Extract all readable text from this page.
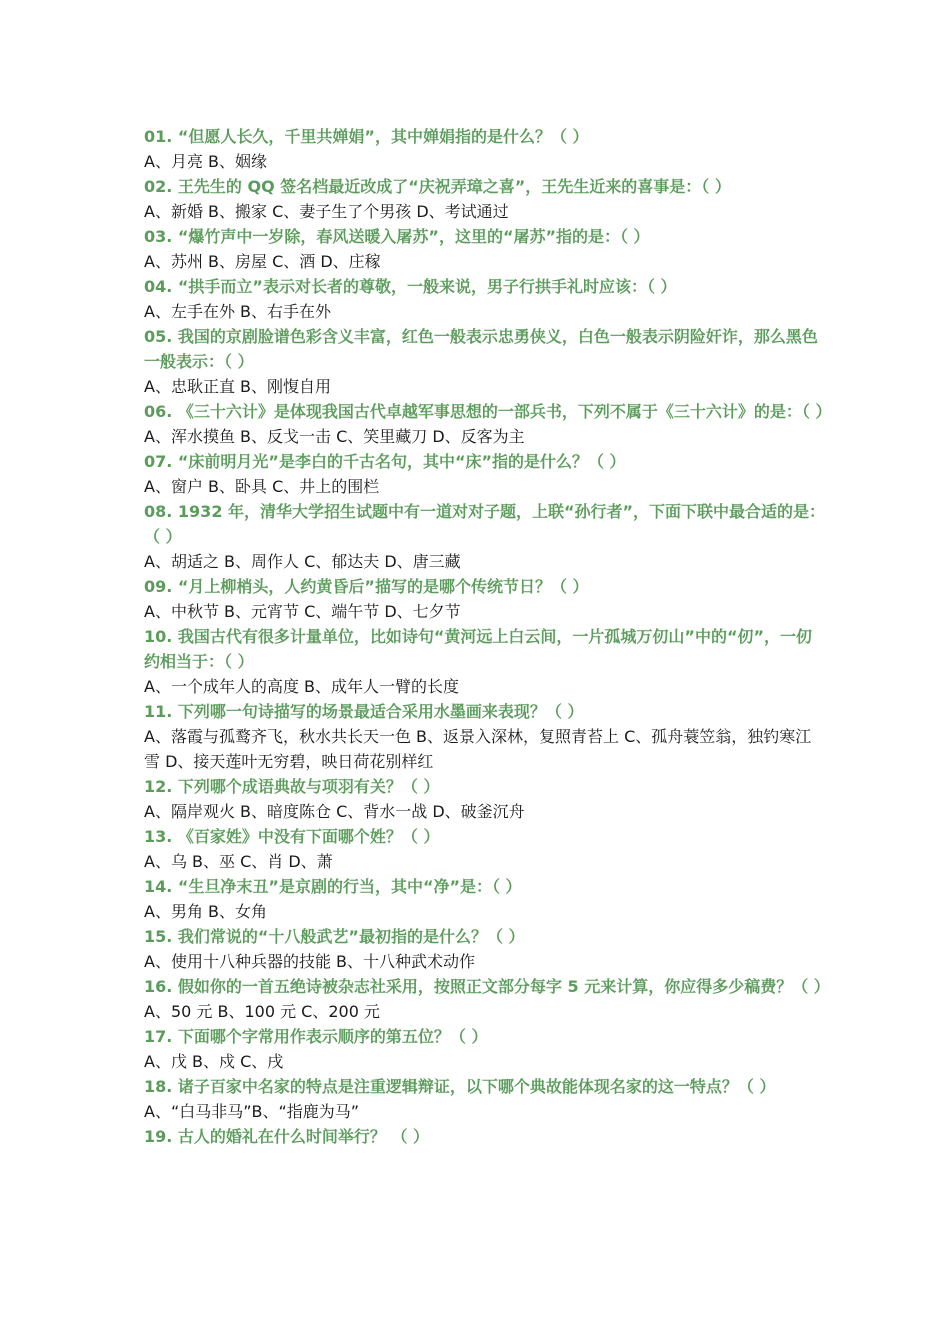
01. “但愿人长久，千里共婵娟”，其中婵娟指的是什么？（ ）

A、月亮 B、姻缘

02. 王先生的 QQ 签名档最近改成了“庆祝弄璋之喜”，王先生近来的喜事是：（ ）

A、新婚 B、搬家 C、妻子生了个男孩 D、考试通过

03. “爆竹声中一岁除，春风送暖入屠苏”，这里的“屠苏”指的是：（ ）

A、苏州 B、房屋 C、酒 D、庄稼

04. “拱手而立”表示对长者的尊敬，一般来说，男子行拱手礼时应该：（ ）

A、左手在外 B、右手在外

05. 我国的京剧脸谱色彩含义丰富，红色一般表示忠勇侠义，白色一般表示阴险奸诈，那么黑色一般表示：（ ）

A、忠耿正直 B、刚愎自用

06. 《三十六计》是体现我国古代卓越军事思想的一部兵书，下列不属于《三十六计》的是：（ ）

A、浑水摸鱼 B、反戈一击 C、笑里藏刀 D、反客为主

07. “床前明月光”是李白的千古名句，其中“床”指的是什么？（ ）

A、窗户 B、卧具 C、井上的围栏

08. 1932 年，清华大学招生试题中有一道对对子题，上联“孙行者”，下面下联中最合适的是：（ ）

A、胡适之 B、周作人 C、郁达夫 D、唐三藏

09. “月上柳梢头，人约黄昏后”描写的是哪个传统节日？（ ）

A、中秋节 B、元宵节 C、端午节 D、七夕节

10. 我国古代有很多计量单位，比如诗句“黄河远上白云间，一片孤城万仞山”中的“仞”，一仞约相当于：（ ）

A、一个成年人的高度 B、成年人一臂的长度

11. 下列哪一句诗描写的场景最适合采用水墨画来表现？（ ）

A、落霞与孤鹜齐飞，秋水共长天一色 B、返景入深林，复照青苔上 C、孤舟蓑笠翁，独钓寒江雪 D、接天莲叶无穷碧，映日荷花别样红

12. 下列哪个成语典故与项羽有关？（ ）

A、隔岸观火 B、暗度陈仓 C、背水一战 D、破釜沉舟

13. 《百家姓》中没有下面哪个姓？（ ）

A、乌 B、巫 C、肖 D、萧

14. “生旦净末丑”是京剧的行当，其中“净”是：（ ）

A、男角 B、女角

15. 我们常说的“十八般武艺”最初指的是什么？（ ）

A、使用十八种兵器的技能 B、十八种武术动作

16. 假如你的一首五绝诗被杂志社采用，按照正文部分每字 5 元来计算，你应得多少稿费？（ ）

A、50 元 B、100 元 C、200 元

17. 下面哪个字常用作表示顺序的第五位？（ ）

A、戊 B、戍 C、戌

18. 诸子百家中名家的特点是注重逻辑辩证，以下哪个典故能体现名家的这一特点？（ ）

A、“白马非马”B、“指鹿为马”

19. 古人的婚礼在什么时间举行？ （ ）
